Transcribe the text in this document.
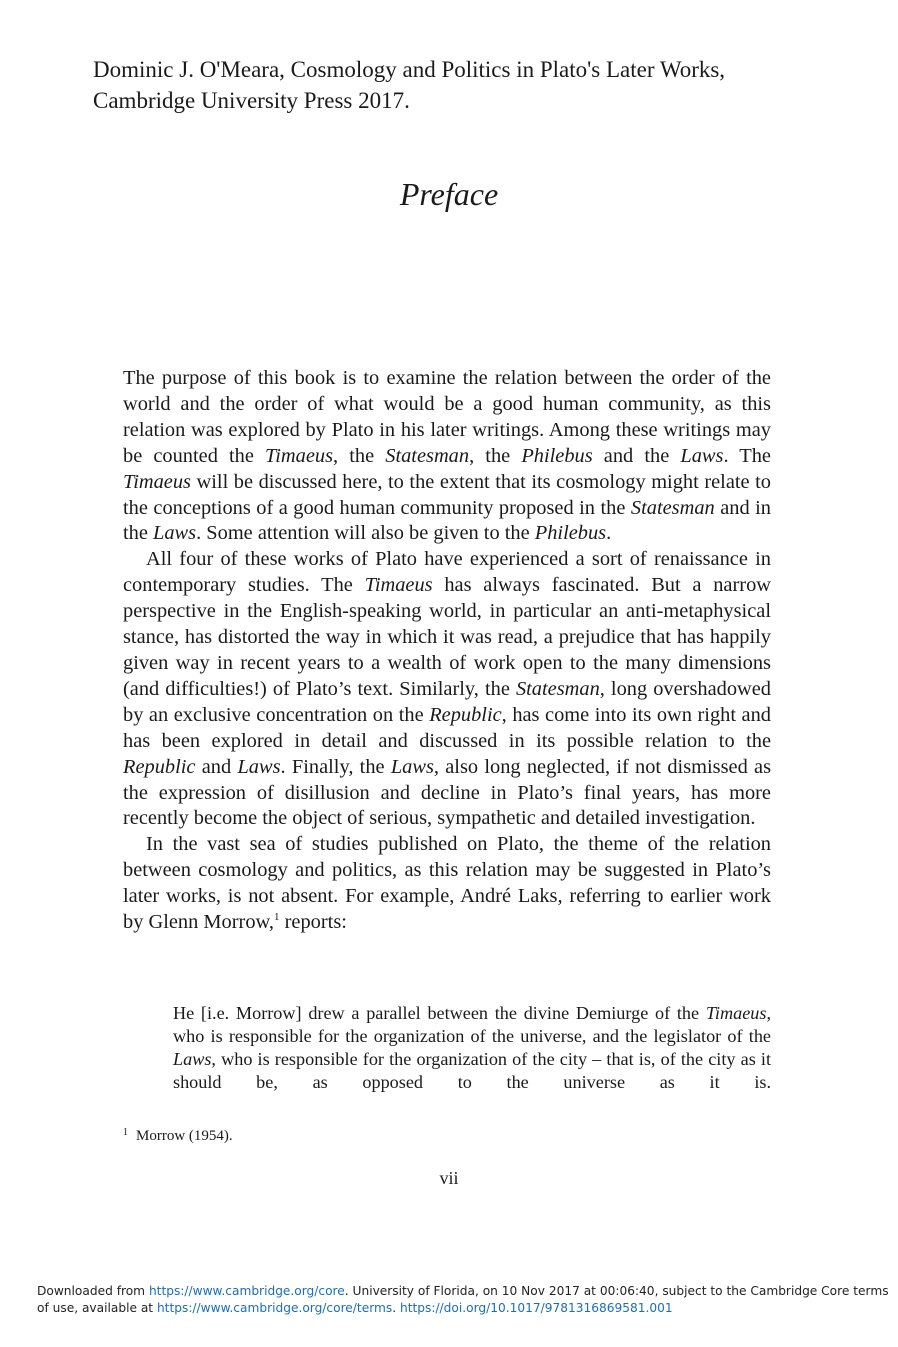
Dominic J. O'Meara, Cosmology and Politics in Plato's Later Works,
Cambridge University Press 2017.
Preface

The purpose of this book is to examine the relation between the order of the world and the order of what would be a good human community, as this relation was explored by Plato in his later writings. Among these writings may be counted the Timaeus, the Statesman, the Philebus and the Laws. The Timaeus will be discussed here, to the extent that its cosmology might relate to the conceptions of a good human community proposed in the Statesman and in the Laws. Some attention will also be given to the Philebus.

All four of these works of Plato have experienced a sort of renaissance in contemporary studies. The Timaeus has always fascinated. But a narrow perspective in the English-speaking world, in particular an anti-metaphysical stance, has distorted the way in which it was read, a prejudice that has happily given way in recent years to a wealth of work open to the many dimensions (and difficulties!) of Plato’s text. Similarly, the Statesman, long overshadowed by an exclusive concentration on the Republic, has come into its own right and has been explored in detail and discussed in its possible relation to the Republic and Laws. Finally, the Laws, also long neglected, if not dismissed as the expression of disillusion and decline in Plato’s final years, has more recently become the object of serious, sympathetic and detailed investigation.

In the vast sea of studies published on Plato, the theme of the relation between cosmology and politics, as this relation may be suggested in Plato’s later works, is not absent. For example, André Laks, referring to earlier work by Glenn Morrow,$^1$ reports:

He [i.e. Morrow] drew a parallel between the divine Demiurge of the Timaeus, who is responsible for the organization of the universe, and the legislator of the Laws, who is responsible for the organization of the city – that is, of the city as it should be, as opposed to the universe as it is.
$^1$ Morrow (1954).
vii
Downloaded from https://www.cambridge.org/core. University of Florida, on 10 Nov 2017 at 00:06:40, subject to the Cambridge Core terms
of use, available at https://www.cambridge.org/core/terms. https://doi.org/10.1017/9781316869581.001
